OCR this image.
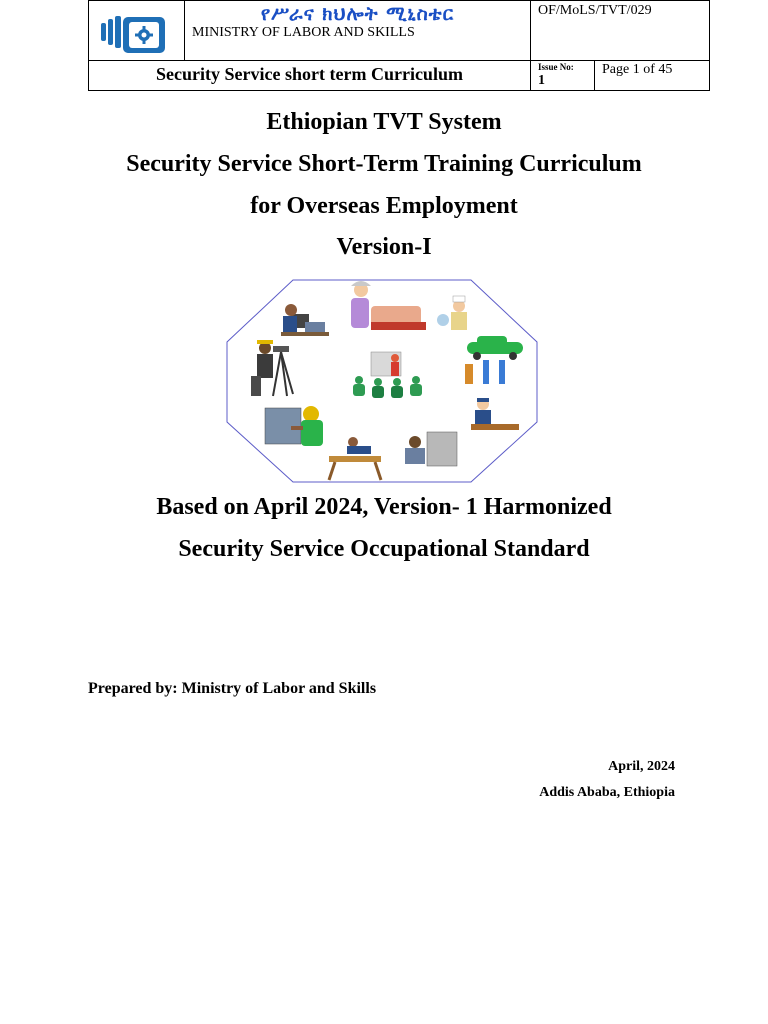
የሥራና ክህሎት ሚኒስቴር
MINISTRY OF LABOR AND SKILLS
OF/MoLS/TVT/029
Security Service short term Curriculum	Issue No:
1
Page 1 of 45
Ethiopian TVT System
Security Service Short-Term Training Curriculum
for Overseas Employment
Version-I
Based on April 2024, Version- 1 Harmonized
Security Service Occupational Standard
Prepared by: Ministry of Labor and Skills
April, 2024
Addis Ababa, Ethiopia
